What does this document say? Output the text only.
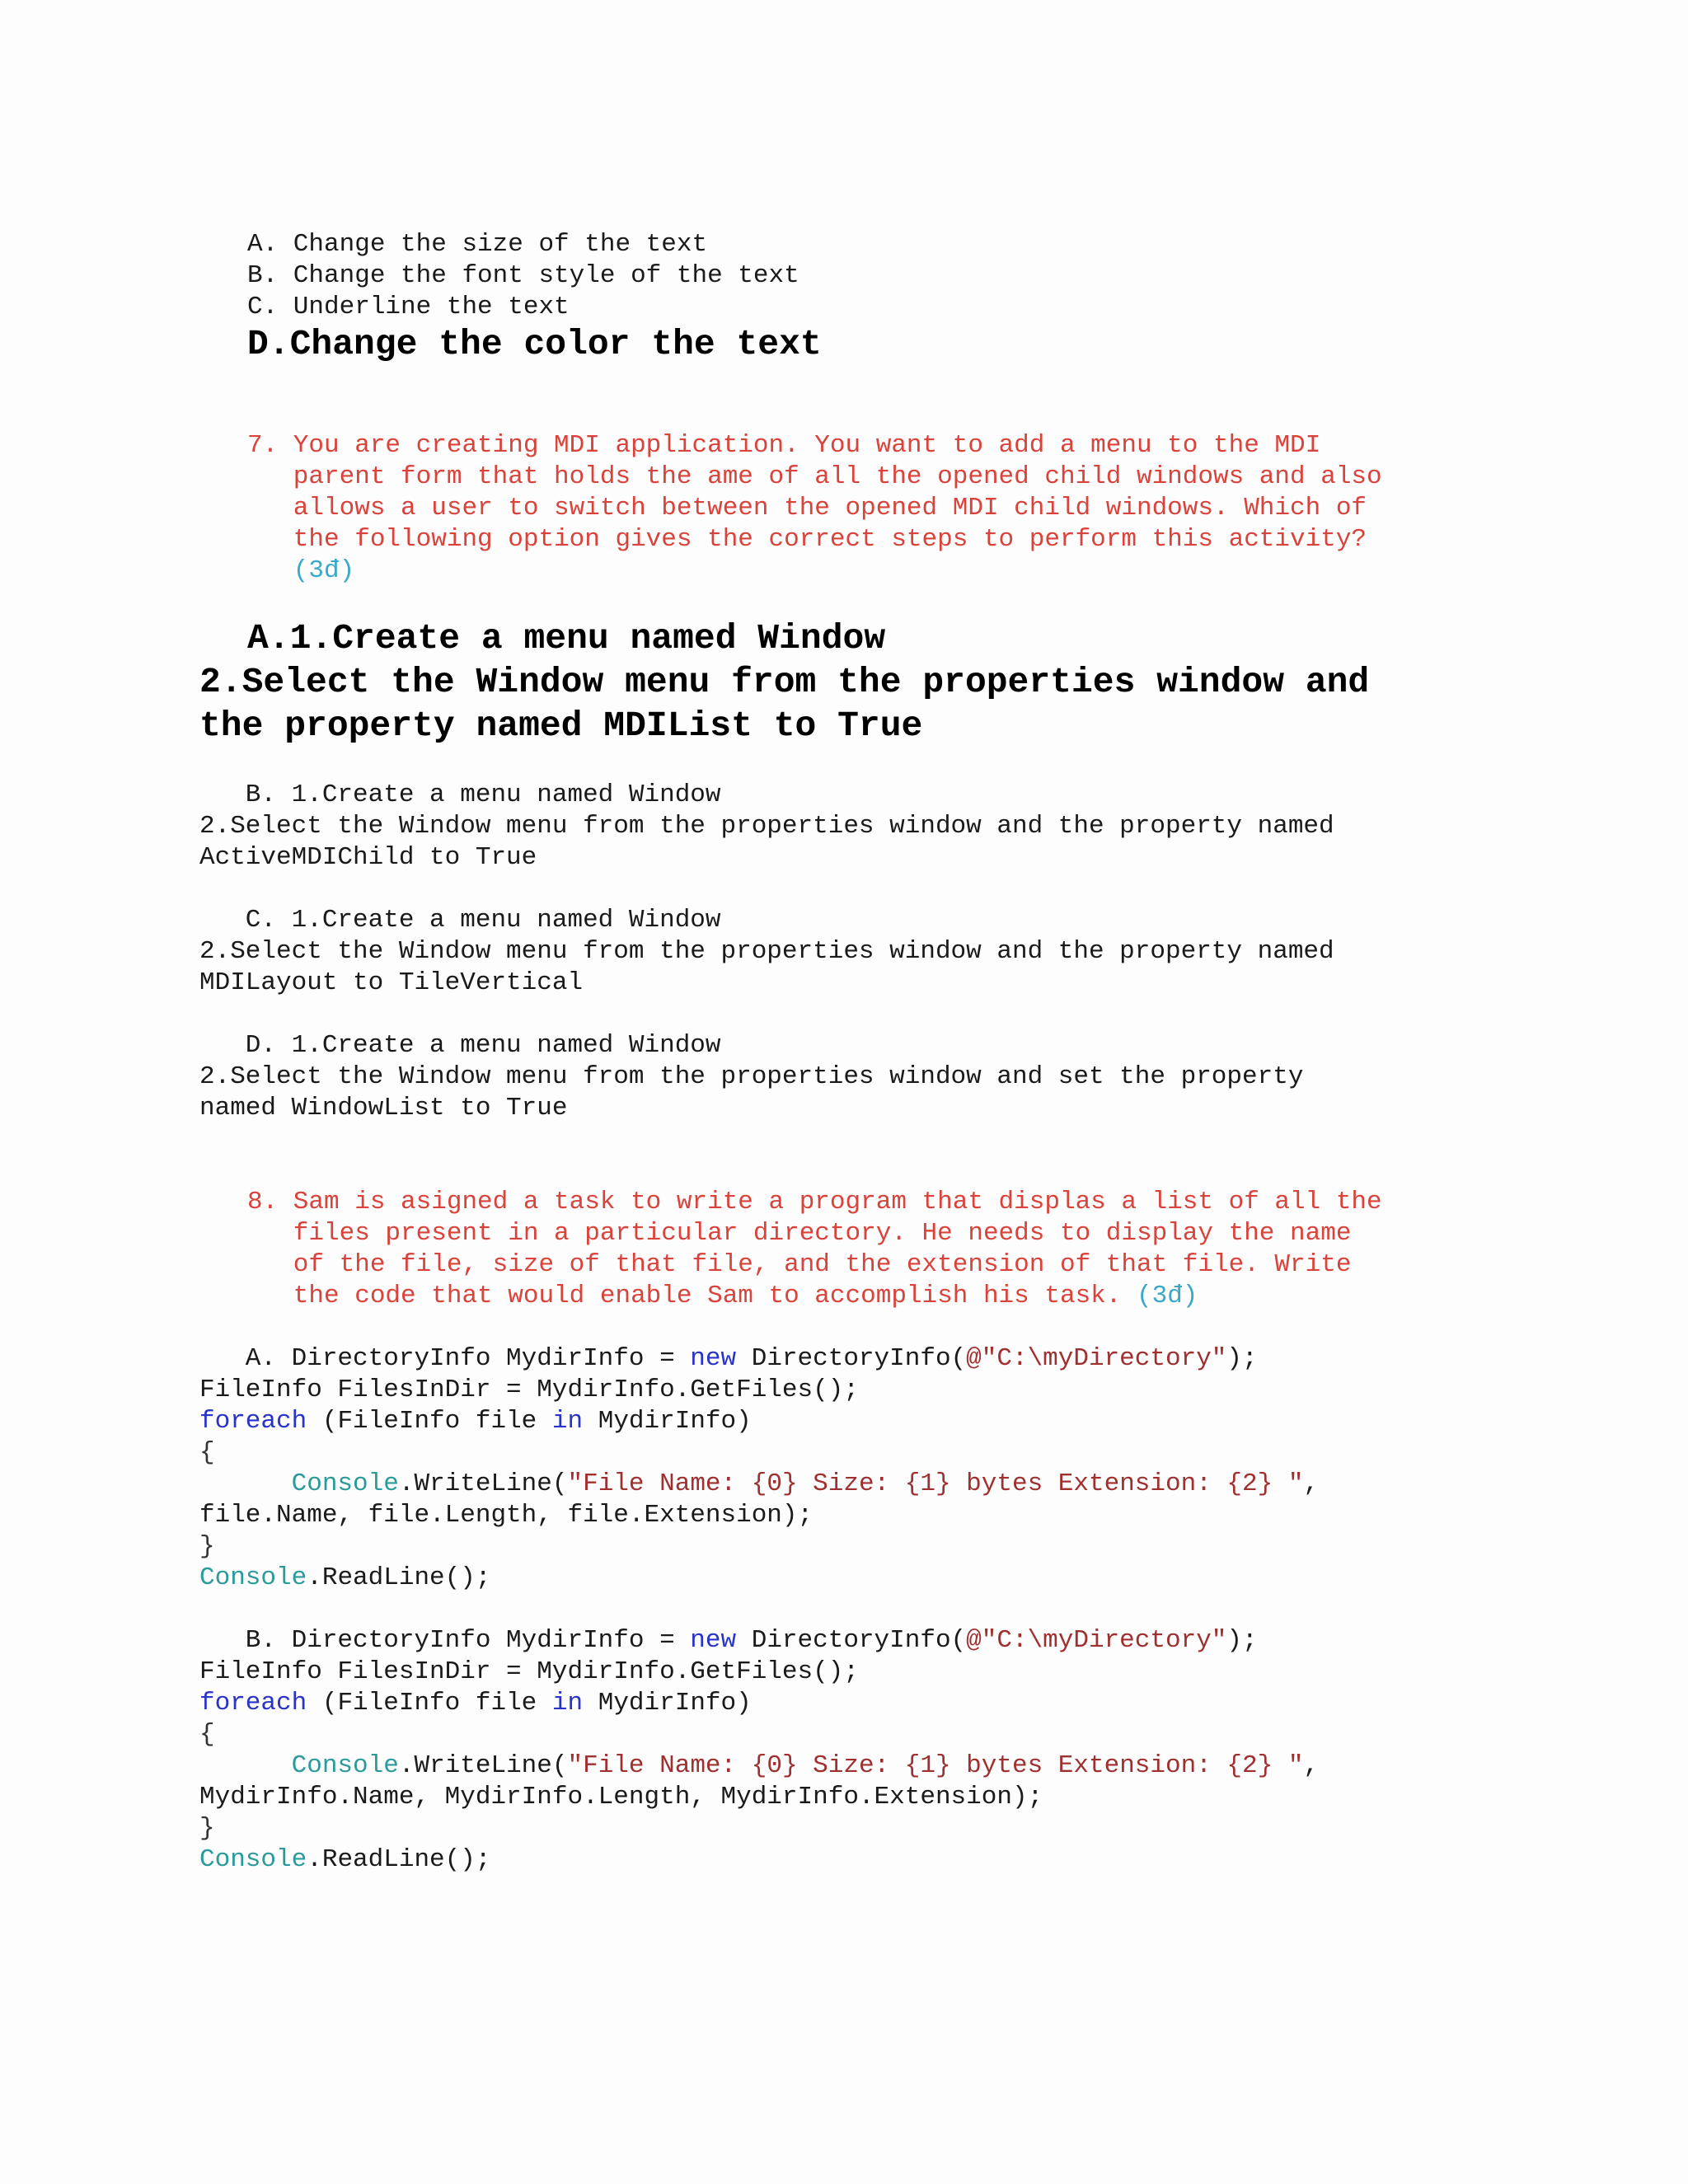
A. Change the size of the text
B. Change the font style of the text
C. Underline the text
D.Change the color the text
7. You are creating MDI application. You want to add a menu to the MDI
parent form that holds the ame of all the opened child windows and also
allows a user to switch between the opened MDI child windows. Which of
the following option gives the correct steps to perform this activity?
(3đ)
A.1.Create a menu named Window
2.Select the Window menu from the properties window and
the property named MDIList to True
B. 1.Create a menu named Window
2.Select the Window menu from the properties window and the property named
ActiveMDIChild to True
C. 1.Create a menu named Window
2.Select the Window menu from the properties window and the property named
MDILayout to TileVertical
D. 1.Create a menu named Window
2.Select the Window menu from the properties window and set the property
named WindowList to True
8. Sam is asigned a task to write a program that displas a list of all the
files present in a particular directory. He needs to display the name
of the file, size of that file, and the extension of that file. Write
the code that would enable Sam to accomplish his task. (3đ)
A. DirectoryInfo MydirInfo = new DirectoryInfo(@"C:\myDirectory");
FileInfo FilesInDir = MydirInfo.GetFiles();
foreach (FileInfo file in MydirInfo)
{
Console.WriteLine("File Name: {0} Size: {1} bytes Extension: {2} ",
file.Name, file.Length, file.Extension);
}
Console.ReadLine();
B. DirectoryInfo MydirInfo = new DirectoryInfo(@"C:\myDirectory");
FileInfo FilesInDir = MydirInfo.GetFiles();
foreach (FileInfo file in MydirInfo)
{
Console.WriteLine("File Name: {0} Size: {1} bytes Extension: {2} ",
MydirInfo.Name, MydirInfo.Length, MydirInfo.Extension);
}
Console.ReadLine();
